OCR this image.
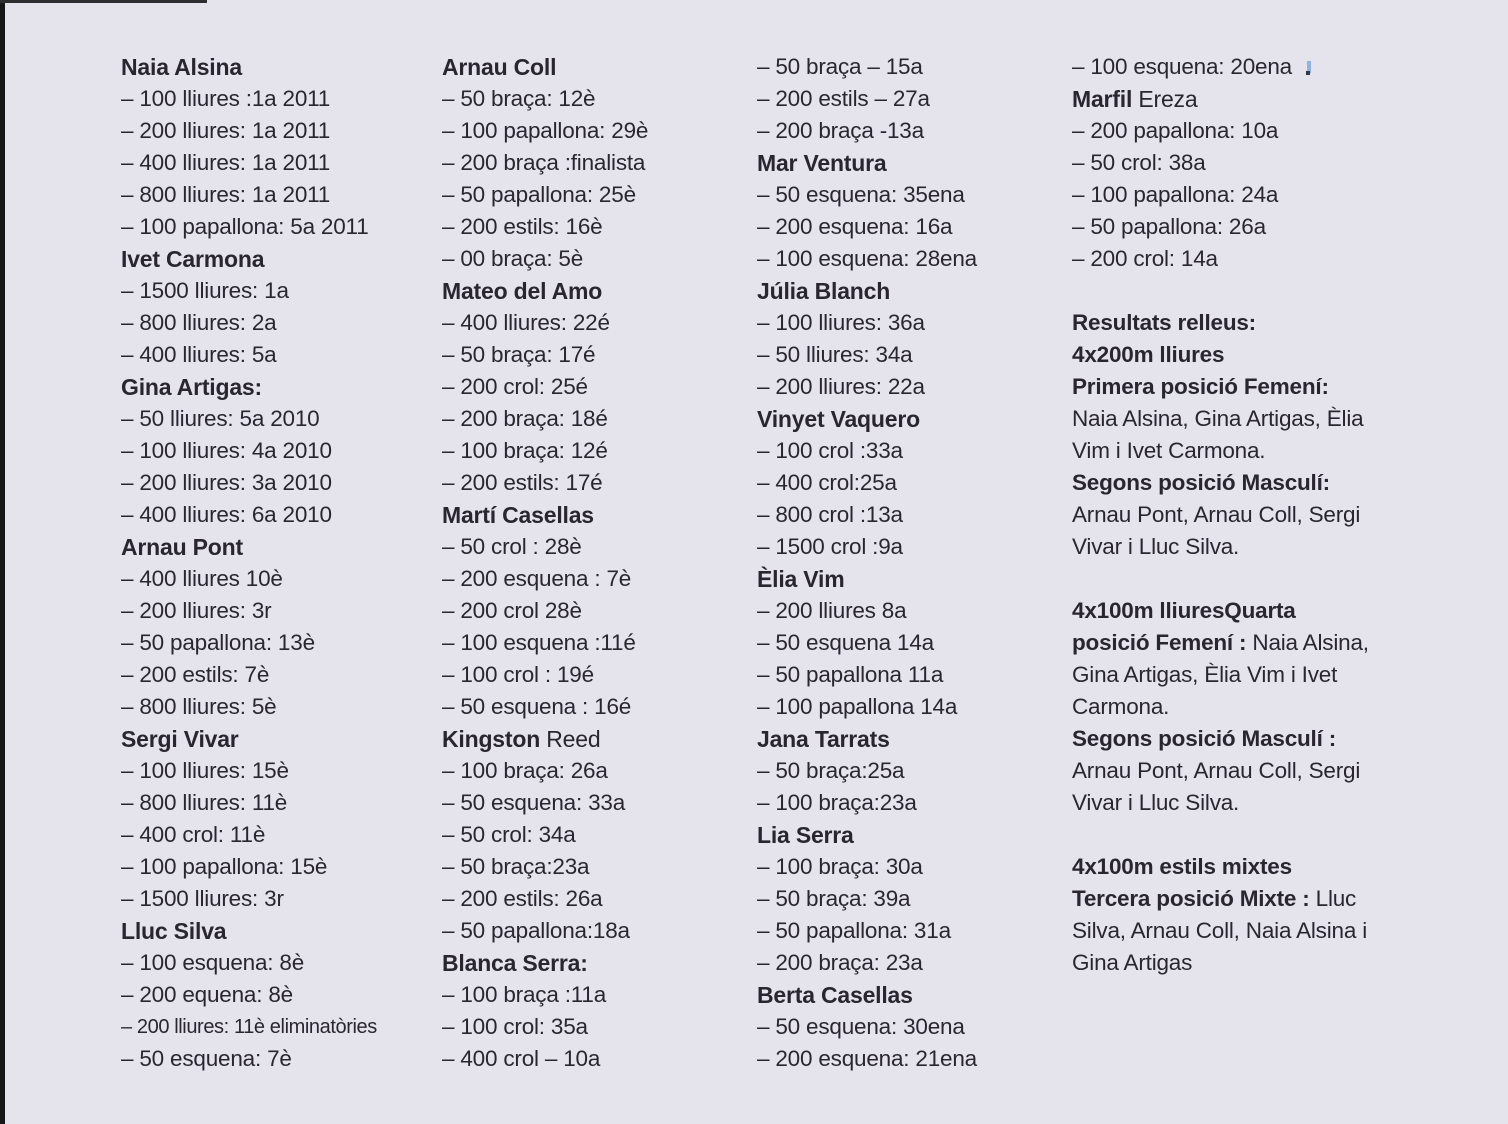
Naia Alsina
– 100 lliures :1a 2011
– 200 lliures: 1a 2011
– 400 lliures: 1a 2011
– 800 lliures: 1a 2011
– 100 papallona: 5a 2011
Ivet Carmona
– 1500 lliures: 1a
– 800 lliures: 2a
– 400 lliures: 5a
Gina Artigas:
– 50 lliures: 5a 2010
– 100 lliures: 4a 2010
– 200 lliures: 3a 2010
– 400 lliures: 6a 2010
Arnau Pont
– 400 lliures 10è
– 200 lliures: 3r
– 50 papallona: 13è
– 200 estils: 7è
– 800 lliures: 5è
Sergi Vivar
– 100 lliures: 15è
– 800 lliures: 11è
– 400 crol: 11è
– 100 papallona: 15è
– 1500 lliures: 3r
Lluc Silva
– 100 esquena: 8è
– 200 equena: 8è
– 200 lliures: 11è eliminatòries
– 50 esquena: 7è
Arnau Coll
– 50 braça: 12è
– 100 papallona: 29è
– 200 braça :finalista
– 50 papallona: 25è
– 200 estils: 16è
– 00 braça: 5è
Mateo del Amo
– 400 lliures: 22é
– 50 braça: 17é
– 200 crol: 25é
– 200 braça: 18é
– 100 braça: 12é
– 200 estils: 17é
Martí Casellas
– 50 crol : 28è
– 200 esquena : 7è
– 200 crol 28è
– 100 esquena :11é
– 100 crol : 19é
– 50 esquena : 16é
Kingston Reed
– 100 braça: 26a
– 50 esquena: 33a
– 50 crol: 34a
– 50 braça:23a
– 200 estils: 26a
– 50 papallona:18a
Blanca Serra:
– 100 braça :11a
– 100 crol: 35a
– 400 crol – 10a
– 50 braça – 15a
– 200 estils – 27a
– 200 braça -13a
Mar Ventura
– 50 esquena: 35ena
– 200 esquena: 16a
– 100 esquena: 28ena
Júlia Blanch
– 100 lliures: 36a
– 50 lliures: 34a
– 200 lliures: 22a
Vinyet Vaquero
– 100 crol :33a
– 400 crol:25a
– 800 crol :13a
– 1500 crol :9a
Èlia Vim
– 200 lliures 8a
– 50 esquena 14a
– 50 papallona 11a
– 100 papallona 14a
Jana Tarrats
– 50 braça:25a
– 100 braça:23a
Lia Serra
– 100 braça: 30a
– 50 braça: 39a
– 50 papallona: 31a
– 200 braça: 23a
Berta Casellas
– 50 esquena: 30ena
– 200 esquena: 21ena
– 100 esquena: 20ena
Marfil Ereza
– 200 papallona: 10a
– 50 crol: 38a
– 100 papallona: 24a
– 50 papallona: 26a
– 200 crol: 14a
Resultats relleus:
4x200m lliures
Primera posició Femení:
Naia Alsina, Gina Artigas, Èlia
Vim i Ivet Carmona.
Segons posició Masculí:
Arnau Pont, Arnau Coll, Sergi
Vivar i Lluc Silva.
4x100m lliuresQuarta
posició Femení : Naia Alsina,
Gina Artigas, Èlia Vim i Ivet
Carmona.
Segons posició Masculí :
Arnau Pont, Arnau Coll, Sergi
Vivar i Lluc Silva.
4x100m estils mixtes
Tercera posició Mixte : Lluc
Silva, Arnau Coll, Naia Alsina i
Gina Artigas
